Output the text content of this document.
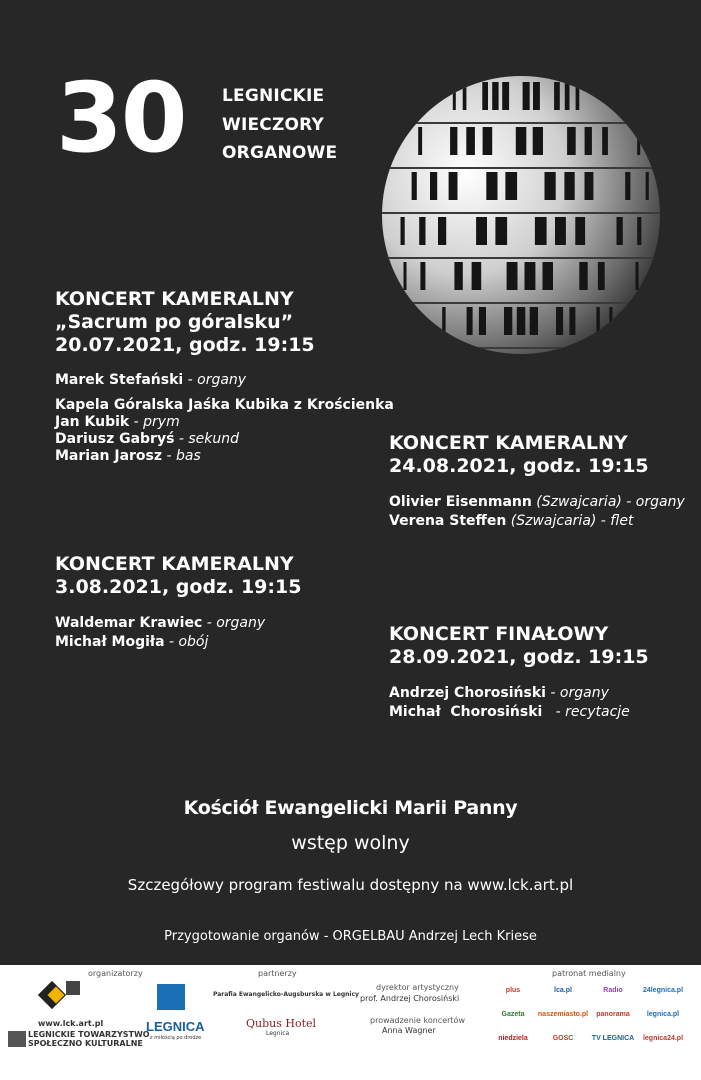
30 LEGNICKIE
WIECZORY
ORGANOWE
KONCERT KAMERALNY
„Sacrum po góralsku”
20.07.2021, godz. 19:15
Marek Stefański - organy
Kapela Góralska Jaśka Kubika z Krościenka
Jan Kubik - prym
Dariusz Gabryś - sekund
Marian Jarosz - bas
KONCERT KAMERALNY
24.08.2021, godz. 19:15
Olivier Eisenmann (Szwajcaria) - organy
Verena Steffen (Szwajcaria) - flet
KONCERT KAMERALNY
3.08.2021, godz. 19:15
Waldemar Krawiec - organy
Michał Mogiła - obój	KONCERT FINAŁOWY
28.09.2021, godz. 19:15
Andrzej Chorosiński - organy
Michał  Chorosiński   - recytacje
Kościół Ewangelicki Marii Panny
wstęp wolny
Szczegółowy program festiwalu dostępny na www.lck.art.pl
Przygotowanie organów - ORGELBAU Andrzej Lech Kriese
organizatorzy
www.lck.art.pl
LEGNICKIE TOWARZYSTWO
SPOŁECZNO KULTURALNE
partnerzy
Parafia Ewangelicko-Augsburska w Legnicy
LEGNICA
z miłością po drodze
Qubus Hotel
Legnica
dyrektor artystyczny
prof. Andrzej Chorosiński
prowadzenie koncertów
Anna Wagner
patronat medialny
plus	lca.pl	Radio	24legnica.pl
Gazeta	naszemiasto.pl	panorama	legnica.pl
niedziela	GOSC	TV LEGNICA	legnica24.pl
